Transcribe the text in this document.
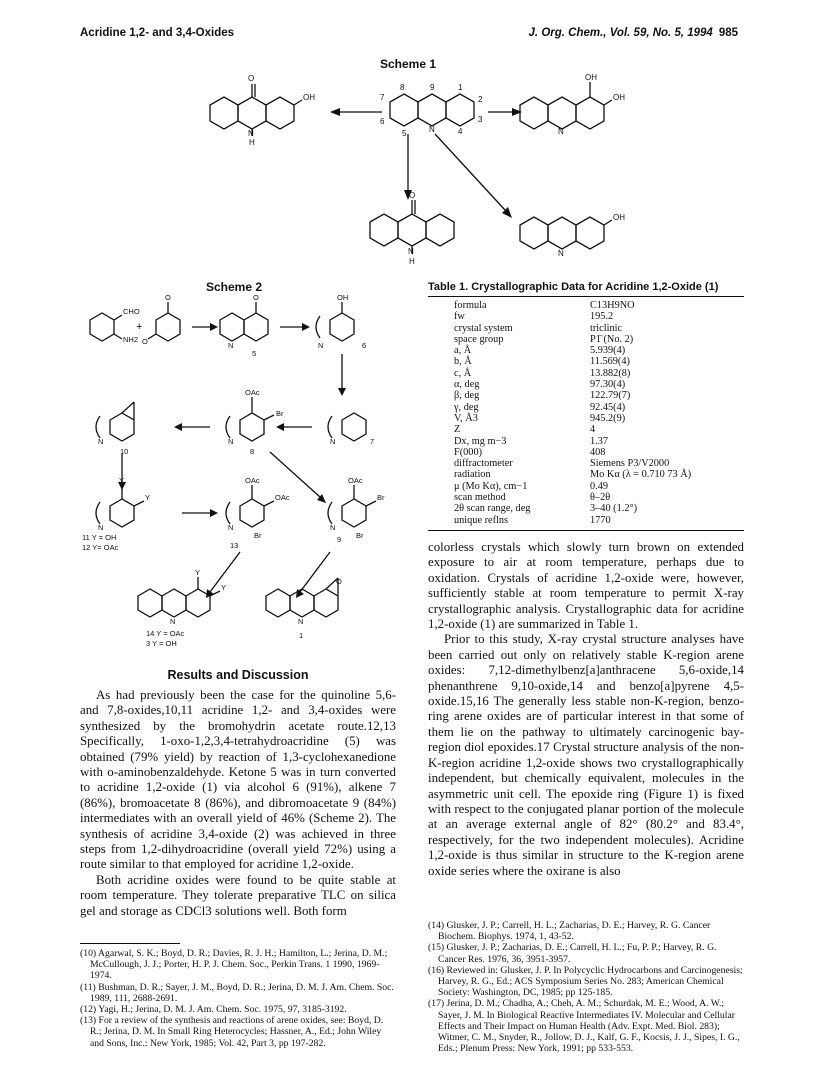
Acridine 1,2- and 3,4-Oxides	J. Org. Chem., Vol. 59, No. 5, 1994 985
Scheme 1
O
OH
N
H
OH
OH
N
7
8	9	1
2
3
4
5
6
N
O
N
H
OH
N
Scheme 2
CHO
NH2
+
O
O
O
N
5
OH
N	6
OAc
Br
N
8
N	7
N
10
Y
Y
N
11 Y = OH
12 Y= OAc
OAc
OAc
N
Br
13
OAc
Br
N
Br
9
Y
Y
N
14 Y = OAc
3 Y = OH
O
N
1
Table 1. Crystallographic Data for Acridine 1,2-Oxide (1)
formula	C13H9NO
fw	195.2
crystal system	triclinic
space group	P1̄ (No. 2)
a, Å	5.939(4)
b, Å	11.569(4)
c, Å	13.882(8)
α, deg	97.30(4)
β, deg	122.79(7)
γ, deg	92.45(4)
V, Å3	945.2(9)
Z	4
Dx, mg m−3	1.37
F(000)	408
diffractometer	Siemens P3/V2000
radiation	Mo Kα (λ = 0.710 73 Å)
μ (Mo Kα), cm−1	0.49
scan method	θ–2θ
2θ scan range, deg	3–40 (1.2°)
unique reflns	1770

colorless crystals which slowly turn brown on extended exposure to air at room temperature, perhaps due to oxidation. Crystals of acridine 1,2-oxide were, however, sufficiently stable at room temperature to permit X-ray crystallographic analysis. Crystallographic data for acridine 1,2-oxide (1) are summarized in Table 1.

Prior to this study, X-ray crystal structure analyses have been carried out only on relatively stable K-region arene oxides: 7,12-dimethylbenz[a]anthracene 5,6-oxide,14 phenanthrene 9,10-oxide,14 and benzo[a]pyrene 4,5-oxide.15,16 The generally less stable non-K-region, benzo-ring arene oxides are of particular interest in that some of them lie on the pathway to ultimately carcinogenic bay-region diol epoxides.17 Crystal structure analysis of the non-K-region acridine 1,2-oxide shows two crystallographically independent, but chemically equivalent, molecules in the asymmetric unit cell. The epoxide ring (Figure 1) is fixed with respect to the conjugated planar portion of the molecule at an average external angle of 82° (80.2° and 83.4°, respectively, for the two independent molecules). Acridine 1,2-oxide is thus similar in structure to the K-region arene oxide series where the oxirane is also

Results and Discussion

As had previously been the case for the quinoline 5,6- and 7,8-oxides,10,11 acridine 1,2- and 3,4-oxides were synthesized by the bromohydrin acetate route.12,13 Specifically, 1-oxo-1,2,3,4-tetrahydroacridine (5) was obtained (79% yield) by reaction of 1,3-cyclohexanedione with o-aminobenzaldehyde. Ketone 5 was in turn converted to acridine 1,2-oxide (1) via alcohol 6 (91%), alkene 7 (86%), bromoacetate 8 (86%), and dibromoacetate 9 (84%) intermediates with an overall yield of 46% (Scheme 2). The synthesis of acridine 3,4-oxide (2) was achieved in three steps from 1,2-dihydroacridine (overall yield 72%) using a route similar to that employed for acridine 1,2-oxide.

Both acridine oxides were found to be quite stable at room temperature. They tolerate preparative TLC on silica gel and storage as CDCl3 solutions well. Both form

(10) Agarwal, S. K.; Boyd, D. R.; Davies, R. J. H.; Hamilton, L.; Jerina, D. M.; McCullough, J. J.; Porter, H. P. J. Chem. Soc., Perkin Trans. 1 1990, 1969-1974.

(11) Bushman, D. R.; Sayer, J. M., Boyd, D. R.; Jerina, D. M. J. Am. Chem. Soc. 1989, 111, 2688-2691.

(12) Yagi, H.; Jerina, D. M. J. Am. Chem. Soc. 1975, 97, 3185-3192.

(13) For a review of the synthesis and reactions of arene oxides, see: Boyd, D. R.; Jerina, D. M. In Small Ring Heterocycles; Hassner, A., Ed.; John Wiley and Sons, Inc.: New York, 1985; Vol. 42, Part 3, pp 197-282.

(14) Glusker, J. P.; Carrell, H. L.; Zacharias, D. E.; Harvey, R. G. Cancer Biochem. Biophys. 1974, 1, 43-52.

(15) Glusker, J. P.; Zacharias, D. E.; Carrell, H. L.; Fu, P. P.; Harvey, R. G. Cancer Res. 1976, 36, 3951-3957.

(16) Reviewed in: Glusker, J. P. In Polycyclic Hydrocarbons and Carcinogenesis; Harvey, R. G., Ed.; ACS Symposium Series No. 283; American Chemical Society: Washington, DC, 1985; pp 125-185.

(17) Jerina, D. M.; Chadha, A.; Cheh, A. M.; Schurdak, M. E.; Wood, A. W.; Sayer, J. M. In Biological Reactive Intermediates IV. Molecular and Cellular Effects and Their Impact on Human Health (Adv. Expt. Med. Biol. 283); Witmer, C. M., Snyder, R., Jollow, D. J., Kalf, G. F., Kocsis, J. J., Sipes, I. G., Eds.; Plenum Press: New York, 1991; pp 533-553.
